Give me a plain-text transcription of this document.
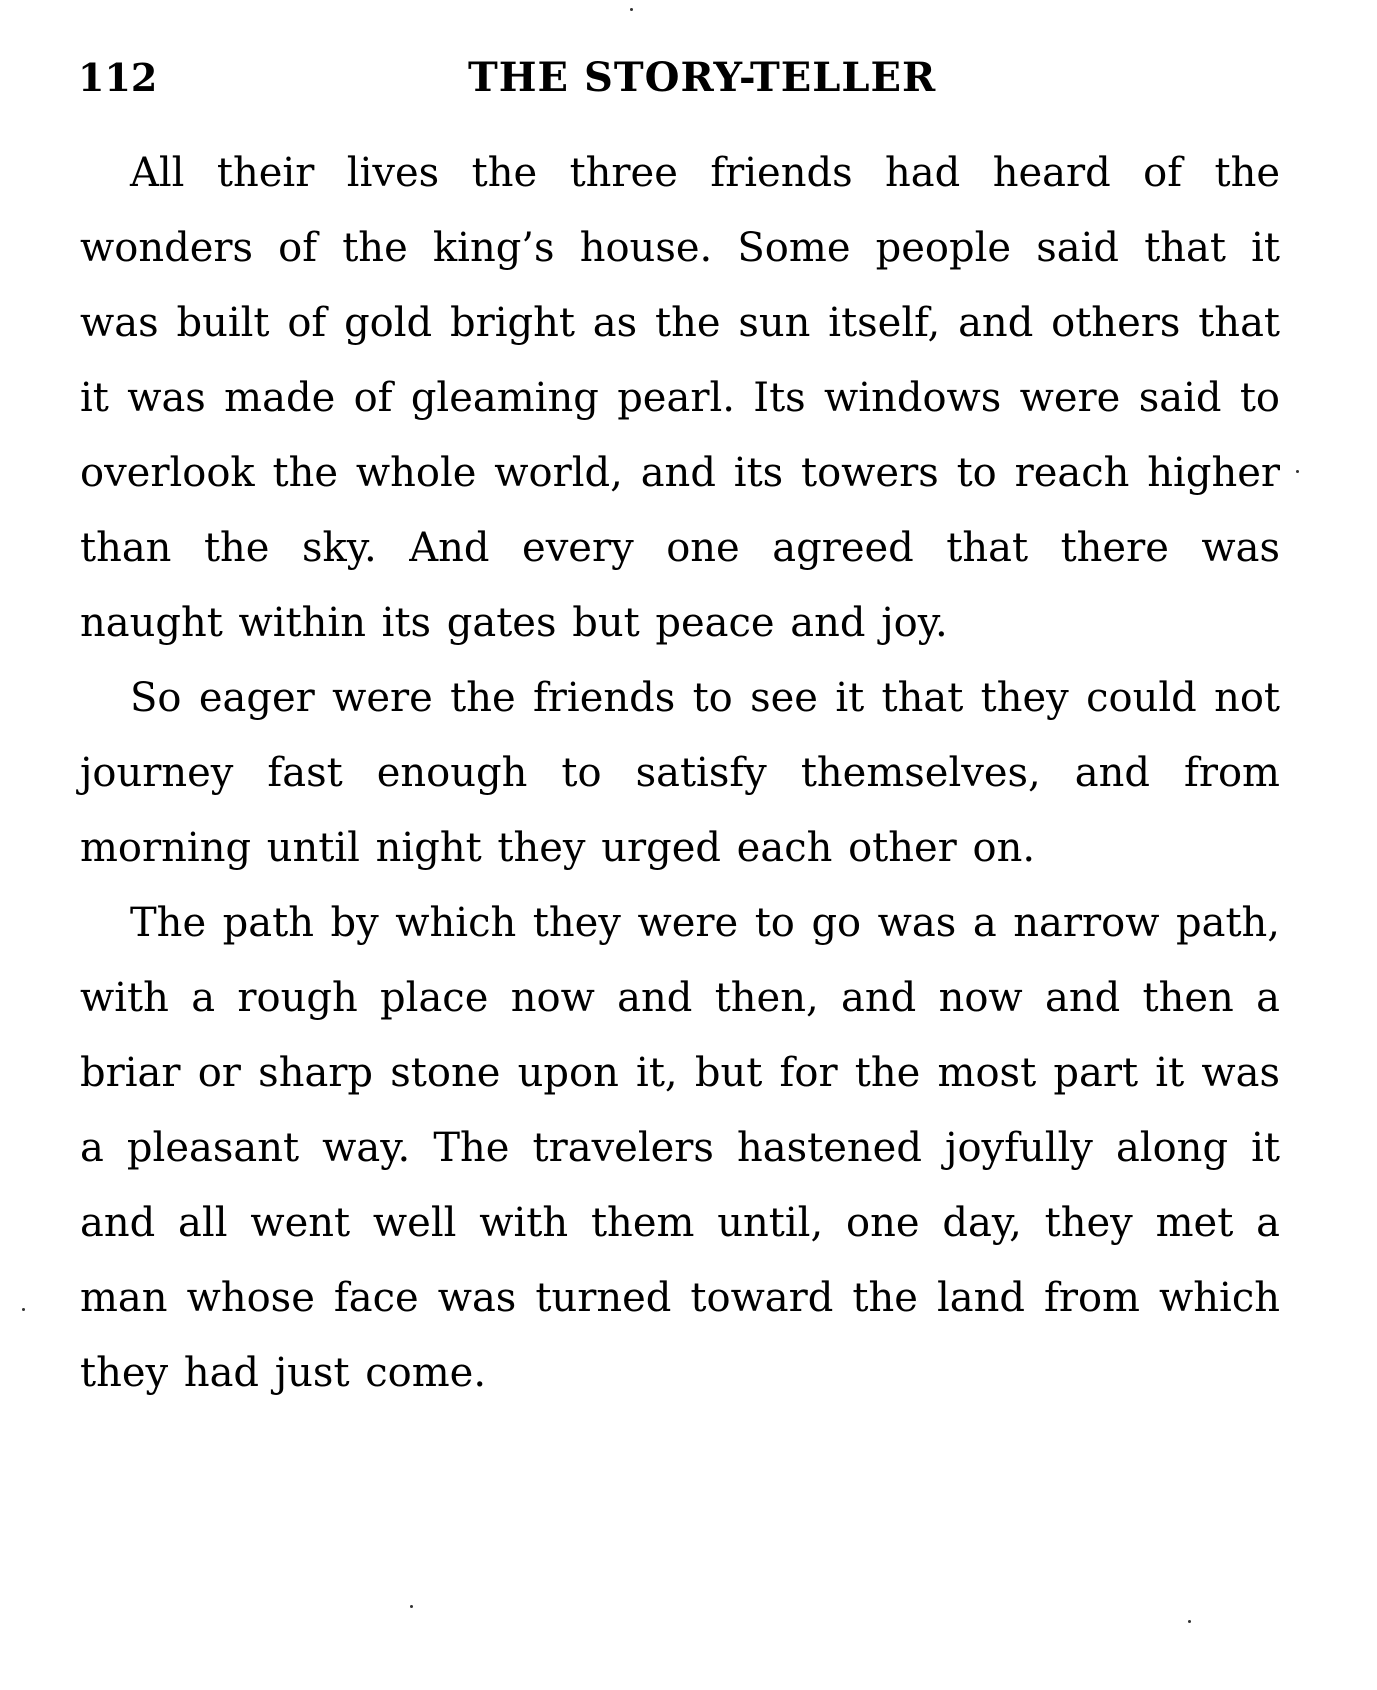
112	THE STORY-TELLER

All their lives the three friends had heard of the wonders of the king’s house. Some people said that it was built of gold bright as the sun itself, and others that it was made of gleaming pearl. Its windows were said to overlook the whole world, and its towers to reach higher than the sky. And every one agreed that there was naught within its gates but peace and joy.

So eager were the friends to see it that they could not journey fast enough to satisfy themselves, and from morning until night they urged each other on.

The path by which they were to go was a narrow path, with a rough place now and then, and now and then a briar or sharp stone upon it, but for the most part it was a pleasant way. The travelers hastened joyfully along it and all went well with them until, one day, they met a man whose face was turned toward the land from which they had just come.
